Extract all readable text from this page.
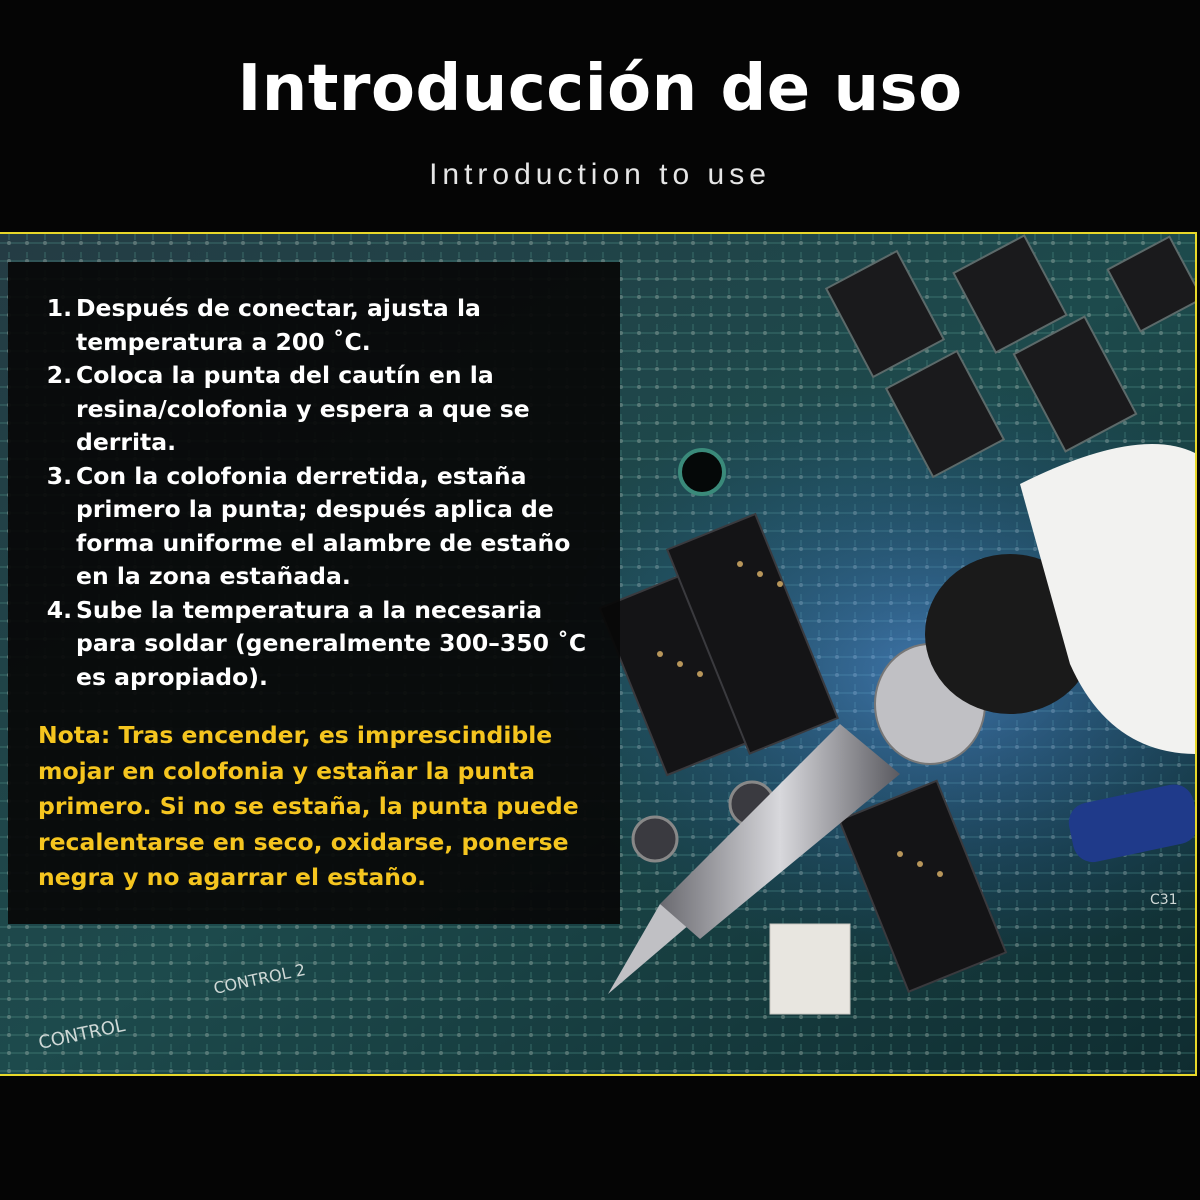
Introducción de uso
Introduction to use
CONTROL
CONTROL 2
C31
1. Después de conectar, ajusta la temperatura a 200 ˚C.
2. Coloca la punta del cautín en la resina/colofonia y espera a que se derrita.
3. Con la colofonia derretida, estaña primero la punta; después aplica de forma uniforme el alambre de estaño en la zona estañada.
4. Sube la temperatura a la necesaria para soldar (generalmente 300–350 ˚C es apropiado).
Nota: Tras encender, es imprescindible mojar en colofonia y estañar la punta primero. Si no se estaña, la punta puede recalentarse en seco, oxidarse, ponerse negra y no agarrar el estaño.
